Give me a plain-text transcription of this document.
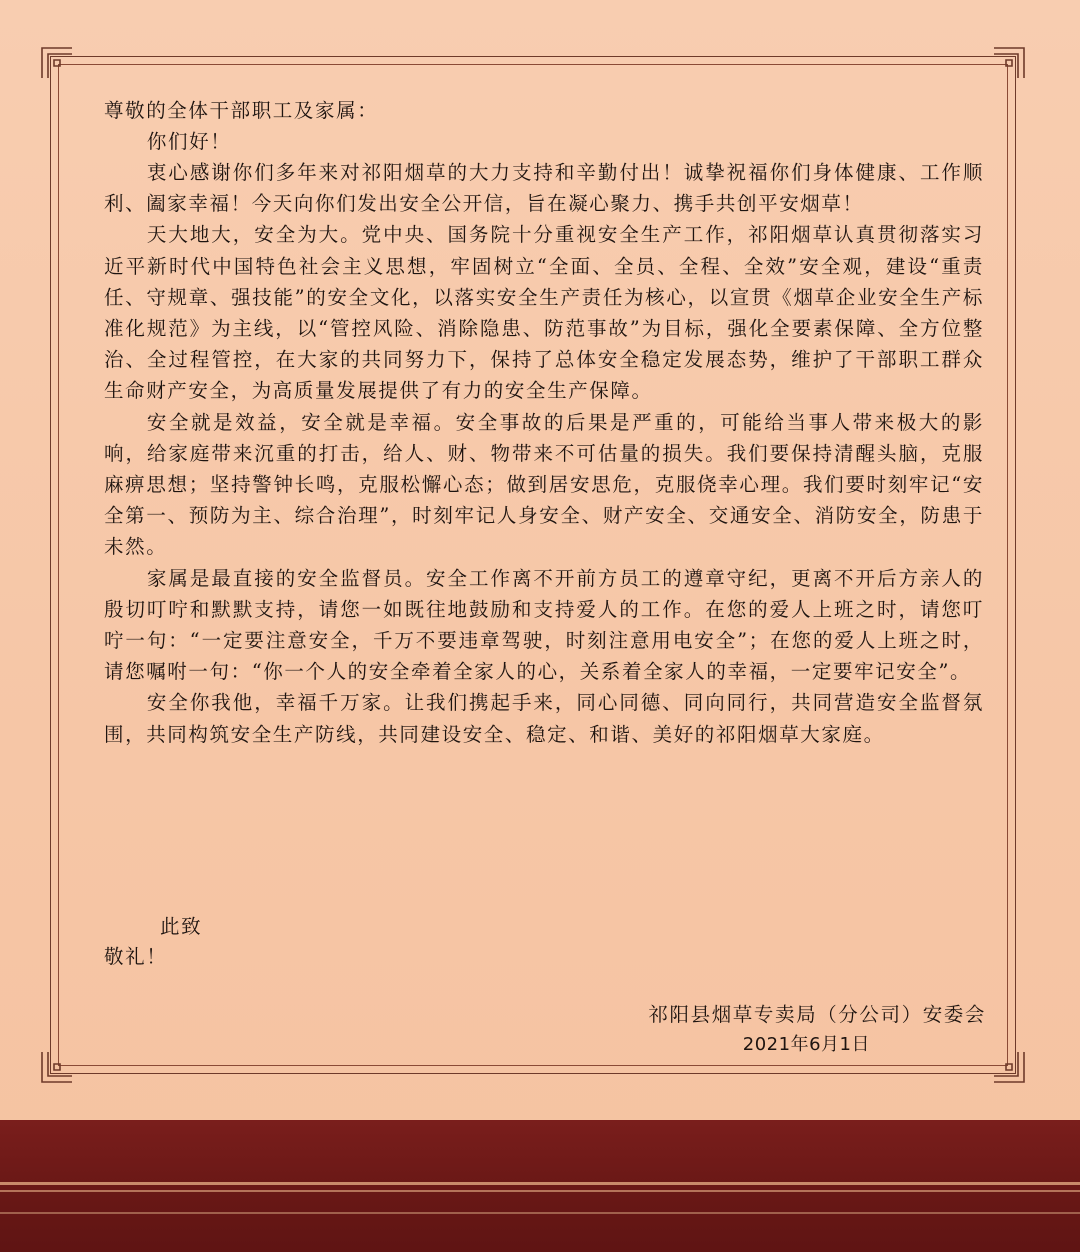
尊敬的全体干部职工及家属：

你们好！

衷心感谢你们多年来对祁阳烟草的大力支持和辛勤付出！诚挚祝福你们身体健康、工作顺利、阖家幸福！今天向你们发出安全公开信，旨在凝心聚力、携手共创平安烟草！

天大地大，安全为大。党中央、国务院十分重视安全生产工作，祁阳烟草认真贯彻落实习近平新时代中国特色社会主义思想，牢固树立“全面、全员、全程、全效”安全观，建设“重责任、守规章、强技能”的安全文化，以落实安全生产责任为核心，以宣贯《烟草企业安全生产标准化规范》为主线，以“管控风险、消除隐患、防范事故”为目标，强化全要素保障、全方位整治、全过程管控，在大家的共同努力下，保持了总体安全稳定发展态势，维护了干部职工群众生命财产安全，为高质量发展提供了有力的安全生产保障。

安全就是效益，安全就是幸福。安全事故的后果是严重的，可能给当事人带来极大的影响，给家庭带来沉重的打击，给人、财、物带来不可估量的损失。我们要保持清醒头脑，克服麻痹思想；坚持警钟长鸣，克服松懈心态；做到居安思危，克服侥幸心理。我们要时刻牢记“安全第一、预防为主、综合治理”，时刻牢记人身安全、财产安全、交通安全、消防安全，防患于未然。

家属是最直接的安全监督员。安全工作离不开前方员工的遵章守纪，更离不开后方亲人的殷切叮咛和默默支持，请您一如既往地鼓励和支持爱人的工作。在您的爱人上班之时，请您叮咛一句：“一定要注意安全，千万不要违章驾驶，时刻注意用电安全”；在您的爱人上班之时，请您嘱咐一句：“你一个人的安全牵着全家人的心，关系着全家人的幸福，一定要牢记安全”。

安全你我他，幸福千万家。让我们携起手来，同心同德、同向同行，共同营造安全监督氛围，共同构筑安全生产防线，共同建设安全、稳定、和谐、美好的祁阳烟草大家庭。

此致

敬礼！

祁阳县烟草专卖局（分公司）安委会

2021年6月1日
